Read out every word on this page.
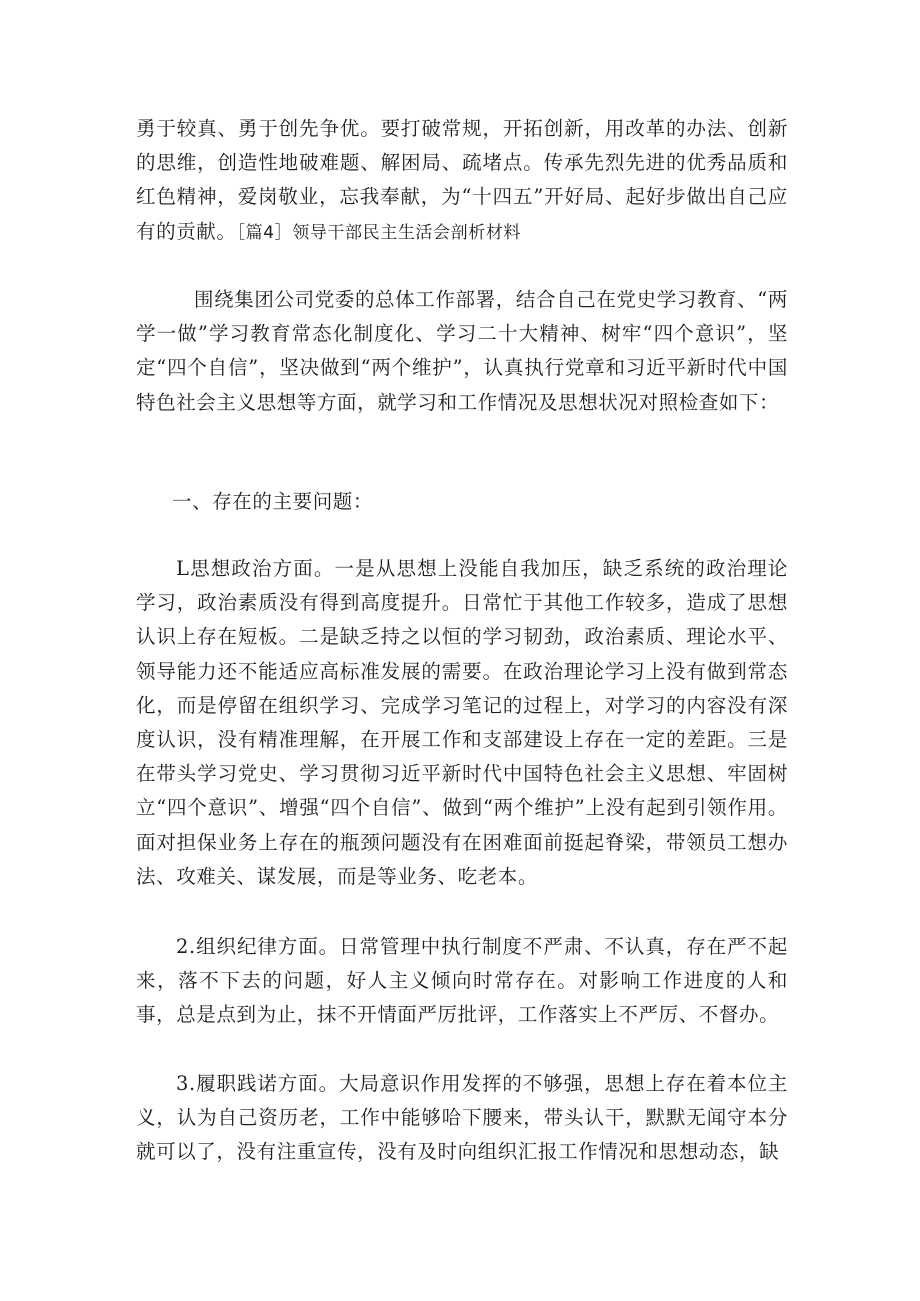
勇于较真、勇于创先争优。要打破常规，开拓创新，用改革的办法、创新的思维，创造性地破难题、解困局、疏堵点。传承先烈先进的优秀品质和红色精神，爱岗敬业，忘我奉献，为“十四五”开好局、起好步做出自己应有的贡献。［篇4］领导干部民主生活会剖析材料

围绕集团公司党委的总体工作部署，结合自己在党史学习教育、“两学一做”学习教育常态化制度化、学习二十大精神、树牢“四个意识”，坚定“四个自信”，坚决做到“两个维护”，认真执行党章和习近平新时代中国特色社会主义思想等方面，就学习和工作情况及思想状况对照检查如下：

一、存在的主要问题：

L思想政治方面。一是从思想上没能自我加压，缺乏系统的政治理论学习，政治素质没有得到高度提升。日常忙于其他工作较多，造成了思想认识上存在短板。二是缺乏持之以恒的学习韧劲，政治素质、理论水平、领导能力还不能适应高标准发展的需要。在政治理论学习上没有做到常态化，而是停留在组织学习、完成学习笔记的过程上，对学习的内容没有深度认识，没有精准理解，在开展工作和支部建设上存在一定的差距。三是在带头学习党史、学习贯彻习近平新时代中国特色社会主义思想、牢固树立“四个意识”、增强“四个自信”、做到“两个维护”上没有起到引领作用。面对担保业务上存在的瓶颈问题没有在困难面前挺起脊梁，带领员工想办法、攻难关、谋发展，而是等业务、吃老本。

2.组织纪律方面。日常管理中执行制度不严肃、不认真，存在严不起来，落不下去的问题，好人主义倾向时常存在。对影响工作进度的人和事，总是点到为止，抹不开情面严厉批评，工作落实上不严厉、不督办。

3.履职践诺方面。大局意识作用发挥的不够强，思想上存在着本位主义，认为自己资历老，工作中能够哈下腰来，带头认干，默默无闻守本分就可以了，没有注重宣传，没有及时向组织汇报工作情况和思想动态，缺
